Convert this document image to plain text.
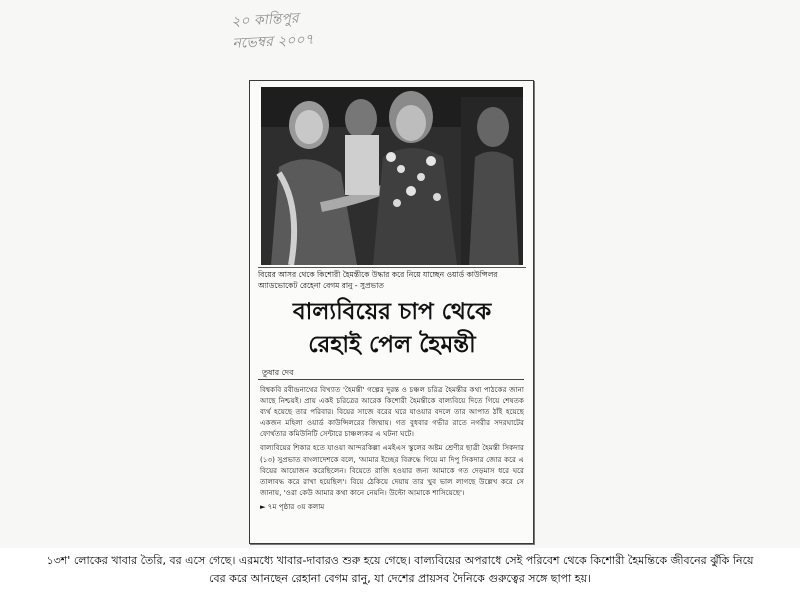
২০ কান্তিপুর
নভেম্বর ২০০৭
বিয়ের আসর থেকে কিশোরী হৈমন্তীকে উদ্ধার করে নিয়ে যাচ্ছেন ওয়ার্ড কাউন্সিলর অ্যাডভোকেট রেহেনা বেগম রানু - সুপ্রভাত
বাল্যবিয়ের চাপ থেকে
রেহাই পেল হৈমন্তী
তুষার দেব

বিশ্বকবি রবীন্দ্রনাথের বিখ্যাত 'হৈমন্তী' গল্পের দুরন্ত ও চঞ্চল চরিত্র হৈমন্তীর কথা পাঠকের জানা আছে নিশ্চয়ই। প্রায় একই চরিত্রের আরেক কিশোরী হৈমন্তীকে বাল্যবিয়ে দিতে গিয়ে শেষতক ব্যর্থ হয়েছে তার পরিবার। বিয়ের সাজে বরের ঘরে যাওয়ার বদলে তার আপাত ঠাঁই হয়েছে একজন মহিলা ওয়ার্ড কাউন্সিলরের জিম্মায়। গত বুধবার গভীর রাতে নগরীর সদরঘাটের ফোর্থতার কমিউনিটি সেন্টারে চাঞ্চল্যকর এ ঘটনা ঘটে।

বাল্যবিয়ের শিকার হতে যাওয়া আন্দরকিল্লা এমইএস স্কুলের অষ্টম শ্রেণীর ছাত্রী হৈমন্তী সিকদার (১৩) সুপ্রভাত বাংলাদেশকে বলে, 'আমার ইচ্ছের বিরুদ্ধে গিয়ে মা দিপু সিকদার জোর করে এ বিয়ের আয়োজন করেছিলেন। বিয়েতে রাজি হওয়ার জন্য আমাকে গত দেড়মাস ধরে ঘরে তালাবদ্ধ করে রাখা হয়েছিল'। বিয়ে ঠেকিয়ে দেয়ায় তার খুব ভাল লাগছে উল্লেখ করে সে জানায়, 'ওরা কেউ আমার কথা কানে নেয়নি। উল্টো আমাকে শাসিয়েছে'।

► ৭ম পৃষ্ঠার ৩য় কলাম

১৩শ' লোকের খাবার তৈরি, বর এসে গেছে। এরমধ্যে খাবার-দাবারও শুরু হয়ে গেছে। বাল্যবিয়ের অপরাধে সেই পরিবেশ থেকে কিশোরী হৈমন্তিকে জীবনের ঝুঁকি নিয়ে
বের করে আনছেন রেহানা বেগম রানু, যা দেশের প্রায়সব দৈনিকে গুরুত্বের সঙ্গে ছাপা হয়।
